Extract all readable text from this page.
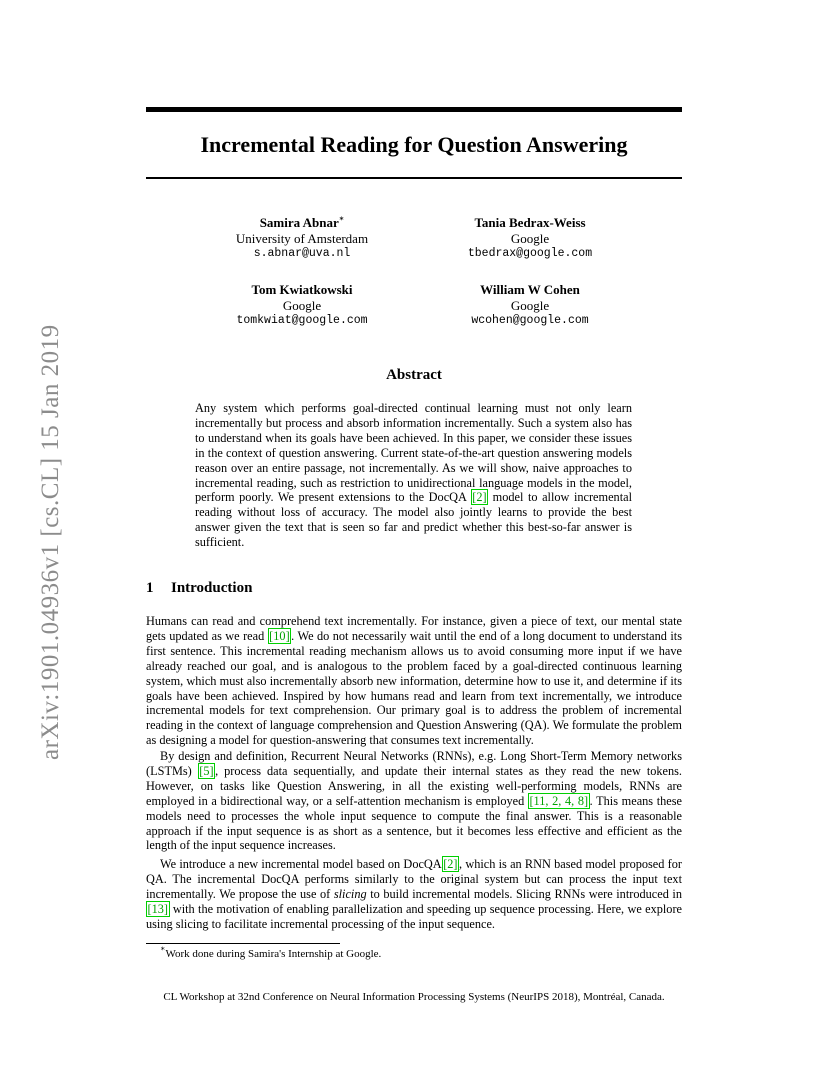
arXiv:1901.04936v1 [cs.CL] 15 Jan 2019
Incremental Reading for Question Answering
Samira Abnar∗
University of Amsterdam
s.abnar@uva.nl
Tania Bedrax-Weiss
Google
tbedrax@google.com
Tom Kwiatkowski
Google
tomkwiat@google.com
William W Cohen
Google
wcohen@google.com
Abstract
Any system which performs goal-directed continual learning must not only learn incrementally but process and absorb information incrementally. Such a system also has to understand when its goals have been achieved. In this paper, we consider these issues in the context of question answering. Current state-of-the-art question answering models reason over an entire passage, not incrementally. As we will show, naive approaches to incremental reading, such as restriction to unidirectional language models in the model, perform poorly. We present extensions to the DocQA [2] model to allow incremental reading without loss of accuracy. The model also jointly learns to provide the best answer given the text that is seen so far and predict whether this best-so-far answer is sufficient.
1 Introduction
Humans can read and comprehend text incrementally. For instance, given a piece of text, our mental state gets updated as we read [10] . We do not necessarily wait until the end of a long document to understand its first sentence. This incremental reading mechanism allows us to avoid consuming more input if we have already reached our goal, and is analogous to the problem faced by a goal-directed continuous learning system, which must also incrementally absorb new information, determine how to use it, and determine if its goals have been achieved. Inspired by how humans read and learn from text incrementally, we introduce incremental models for text comprehension. Our primary goal is to address the problem of incremental reading in the context of language comprehension and Question Answering (QA). We formulate the problem as designing a model for question-answering that consumes text incrementally.
By design and definition, Recurrent Neural Networks (RNNs), e.g. Long Short-Term Memory networks (LSTMs) [5] , process data sequentially, and update their internal states as they read the new tokens. However, on tasks like Question Answering, in all the existing well-performing models, RNNs are employed in a bidirectional way, or a self-attention mechanism is employed [11, 2, 4, 8] . This means these models need to processes the whole input sequence to compute the final answer. This is a reasonable approach if the input sequence is as short as a sentence, but it becomes less effective and efficient as the length of the input sequence increases.
We introduce a new incremental model based on DocQA [2] , which is an RNN based model proposed for QA. The incremental DocQA performs similarly to the original system but can process the input text incrementally. We propose the use of slicing to build incremental models. Slicing RNNs were introduced in [13] with the motivation of enabling parallelization and speeding up sequence processing. Here, we explore using slicing to facilitate incremental processing of the input sequence.
∗Work done during Samira's Internship at Google.
CL Workshop at 32nd Conference on Neural Information Processing Systems (NeurIPS 2018), Montréal, Canada.
